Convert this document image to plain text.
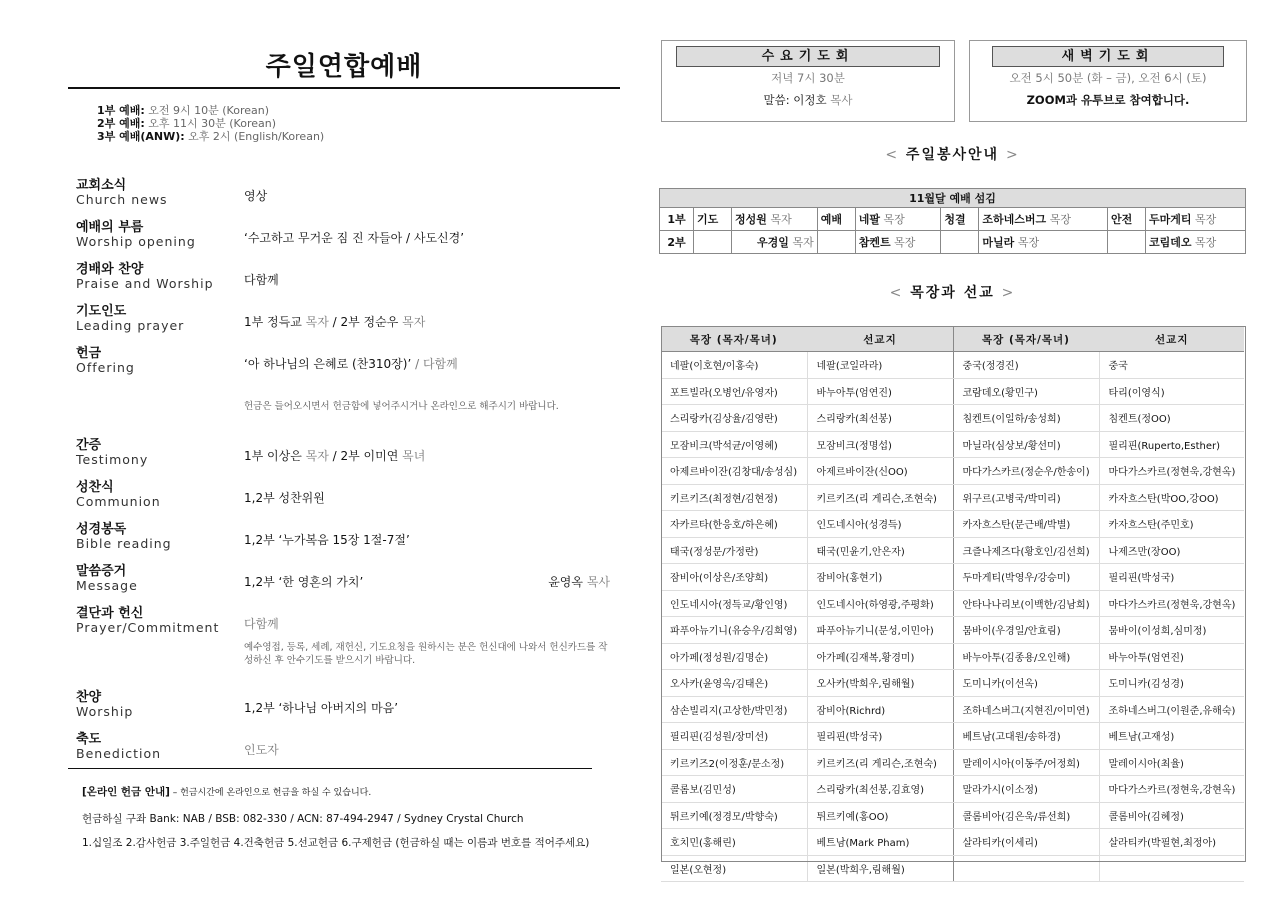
주일연합예배
1부 예배: 오전 9시 10분 (Korean)
2부 예배: 오후 11시 30분 (Korean)
3부 예배(ANW): 오후 2시 (English/Korean)
교회소식
Church news	영상
예배의 부름
Worship opening	‘수고하고 무거운 짐 진 자들아 / 사도신경’
경배와 찬양
Praise and Worship	다함께
기도인도
Leading prayer	1부 정득교 목자 / 2부 정순우 목자
헌금
Offering	‘아 하나님의 은혜로 (찬310장)’ / 다함께
헌금은 들어오시면서 헌금함에 넣어주시거나 온라인으로 해주시기 바랍니다.
간증
Testimony	1부 이상은 목자 / 2부 이미연 목녀
성찬식
Communion	1,2부 성찬위원
성경봉독
Bible reading	1,2부 ‘누가복음 15장 1절-7절’
말씀증거
Message	1,2부 ‘한 영혼의 가치’	윤영옥 목사
결단과 헌신
Prayer/Commitment	다함께
예수영접, 등록, 세례, 재헌신, 기도요청을 원하시는 분은 헌신대에 나와서 헌신카드를 작성하신 후 안수기도를 받으시기 바랍니다.
찬양
Worship	1,2부 ‘하나님 아버지의 마음’
축도
Benediction	인도자
[온라인 헌금 안내] – 헌금시간에 온라인으로 헌금을 하실 수 있습니다.
헌금하실 구좌 Bank: NAB / BSB: 082-330 / ACN: 87-494-2947 / Sydney Crystal Church
1.십일조 2.감사헌금 3.주일헌금 4.건축헌금 5.선교헌금 6.구제헌금 (헌금하실 때는 이름과 번호를 적어주세요)
수요기도회
저녁 7시 30분
말씀: 이정호 목사
새벽기도회
오전 5시 50분 (화 – 금), 오전 6시 (토)
ZOOM과 유투브로 참여합니다.
< 주일봉사안내 >
11월달 예배 섬김								
1부	기도	정성원 목자	예배	네팔 목장	청결	조하네스버그 목장	안전	두마게티 목장
2부		우경일 목자		참켄트 목장		마닐라 목장		코림데오 목장
< 목장과 선교 >
목장 (목자/목녀)	선교지	목장 (목자/목녀)	선교지
네팔(이호현/이홍숙)	네팔(코일라라)	중국(정경진)	중국
포트빌라(오병언/유영자)	바누아투(엄연진)	코람데오(황민구)	타리(이영식)
스리랑카(김상율/김영란)	스리랑카(최선봉)	침켄트(이일하/송성희)	침켄트(정OO)
모잠비크(박석균/이영혜)	모잠비크(정명섭)	마닐라(심상보/황선미)	필리핀(Ruperto,Esther)
아제르바이잔(김창대/송성심)	아제르바이잔(신OO)	마다가스카르(정순우/한송이)	마다가스카르(정현욱,강현옥)
키르키즈(최정현/김현정)	키르키즈(리 게리슨,조현숙)	위구르(고병국/박미리)	카자흐스탄(박OO,강OO)
자카르타(한응호/하은혜)	인도네시아(성경득)	카자흐스탄(문근배/박별)	카자흐스탄(주민호)
태국(정성문/가정란)	태국(민윤기,안은자)	크즐나제즈다(황호인/김선희)	나제즈만(장OO)
잠비아(이상은/조양희)	잠비아(홍현기)	두마게티(박영우/강승미)	필리핀(박성국)
인도네시아(정득교/황인영)	인도네시아(하영광,주평화)	안타나나리보(이백한/김남희)	마다가스카르(정현욱,강현옥)
파푸아뉴기니(유승우/김희영)	파푸아뉴기니(문성,이민아)	뭄바이(우경일/안효림)	뭄바이(이성희,심미정)
아가페(정성원/김명순)	아가페(김재복,황경미)	바누아투(김종용/오인해)	바누아투(엄연진)
오사카(윤영옥/김태은)	오사카(박희우,림해월)	도미니카(이선옥)	도미니카(김성경)
삼손빌리지(고상한/박민정)	잠비아(Richrd)	조하네스버그(지현진/이미연)	조하네스버그(이원준,유해숙)
필리핀(김성원/장미선)	필리핀(박성국)	베트남(고대원/송하경)	베트남(고재성)
키르키즈2(이정훈/문소정)	키르키즈(리 게리슨,조현숙)	말레이시아(이동주/어정희)	말레이시아(최율)
콜롬보(김민성)	스리랑카(최선봉,김효영)	말라가시(이소정)	마다가스카르(정현욱,강현옥)
튀르키예(정경모/박향숙)	튀르키예(홍OO)	콜롬비아(김은욱/류선희)	콜롬비아(김혜정)
호치민(홍해린)	베트남(Mark Pham)	살라티카(이세리)	살라티카(박필현,최정아)
일본(오현정)	일본(박희우,림해월)		
